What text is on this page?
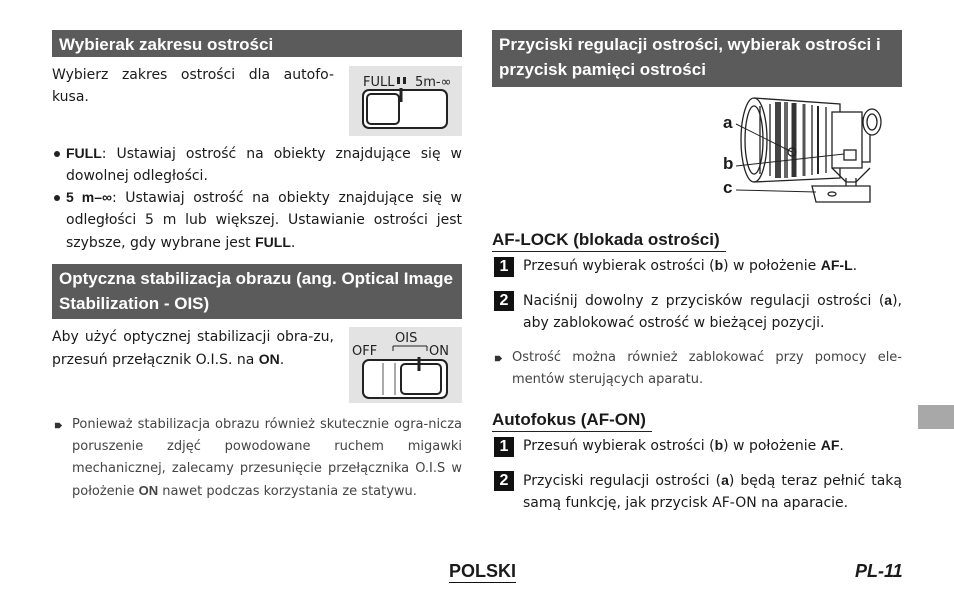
Wybierak zakresu ostrości
Wybierz zakres ostrości dla autofo-kusa.
FULL 5m-∞
FULL: Ustawiaj ostrość na obiekty znajdujące się w dowolnej odległości.
5 m–∞: Ustawiaj ostrość na obiekty znajdujące się w odległości 5 m lub większej. Ustawianie ostrości jest szybsze, gdy wybrane jest FULL.
Optyczna stabilizacja obrazu (ang. Optical Image Stabilization - OIS)
Aby użyć optycznej stabilizacji obra-zu, przesuń przełącznik O.I.S. na ON.
OIS
OFF	ON
Ponieważ stabilizacja obrazu również skutecznie ogra-nicza poruszenie zdjęć powodowane ruchem migawki mechanicznej, zalecamy przesunięcie przełącznika O.I.S w położenie ON nawet podczas korzystania ze statywu.
Przyciski regulacji ostrości, wybierak ostrości i przycisk pamięci ostrości
a
b
c
AF-LOCK (blokada ostrości)
1	Przesuń wybierak ostrości (b) w położenie AF-L.
2	Naciśnij dowolny z przycisków regulacji ostrości (a), aby zablokować ostrość w bieżącej pozycji.
Ostrość można również zablokować przy pomocy ele-mentów sterujących aparatu.
Autofokus (AF-ON)
1	Przesuń wybierak ostrości (b) w położenie AF.
2	Przyciski regulacji ostrości (a) będą teraz pełnić taką samą funkcję, jak przycisk AF-ON na aparacie.
POLSKI	PL-11
